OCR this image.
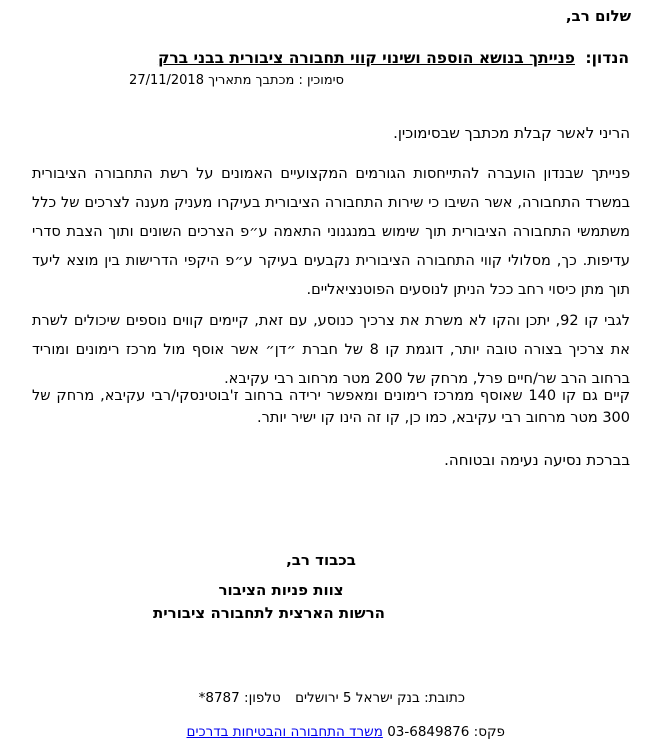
שלום רב,
הנדון: פנייתך בנושא הוספה ושינוי קווי תחבורה ציבורית בבני ברק
סימוכין : מכתבך מתאריך 27/11/2018
הריני לאשר קבלת מכתבך שבסימוכין.

פנייתך שבנדון הועברה להתייחסות הגורמים המקצועיים האמונים על רשת התחבורה הציבורית במשרד התחבורה, אשר השיבו כי שירות התחבורה הציבורית בעיקרו מעניק מענה לצרכים של כלל משתמשי התחבורה הציבורית תוך שימוש במנגנוני התאמה ע״פ הצרכים השונים ותוך הצבת סדרי עדיפות. כך, מסלולי קווי התחבורה הציבורית נקבעים בעיקר ע״פ היקפי הדרישות בין מוצא ליעד תוך מתן כיסוי רחב ככל הניתן לנוסעים הפוטנציאליים.

לגבי קו 92, יתכן והקו לא משרת את צרכיך כנוסע, עם זאת, קיימים קווים נוספים שיכולים לשרת את צרכיך בצורה טובה יותר, דוגמת קו 8 של חברת ״דן״ אשר אוסף מול מרכז רימונים ומוריד ברחוב הרב שר/חיים פרל, מרחק של 200 מטר מרחוב רבי עקיבא.

קיים גם קו 140 שאוסף ממרכז רימונים ומאפשר ירידה ברחוב ז'בוטינסקי/רבי עקיבא, מרחק של 300 מטר מרחוב רבי עקיבא, כמו כן, קו זה הינו קו ישיר יותר.

בברכת נסיעה נעימה ובטוחה.
בכבוד רב,
צוות פניות הציבור
הרשות הארצית לתחבורה ציבורית
כתובת: בנק ישראל 5 ירושלים טלפון: *8787
פקס: 03-6849876 משרד התחבורה והבטיחות בדרכים
